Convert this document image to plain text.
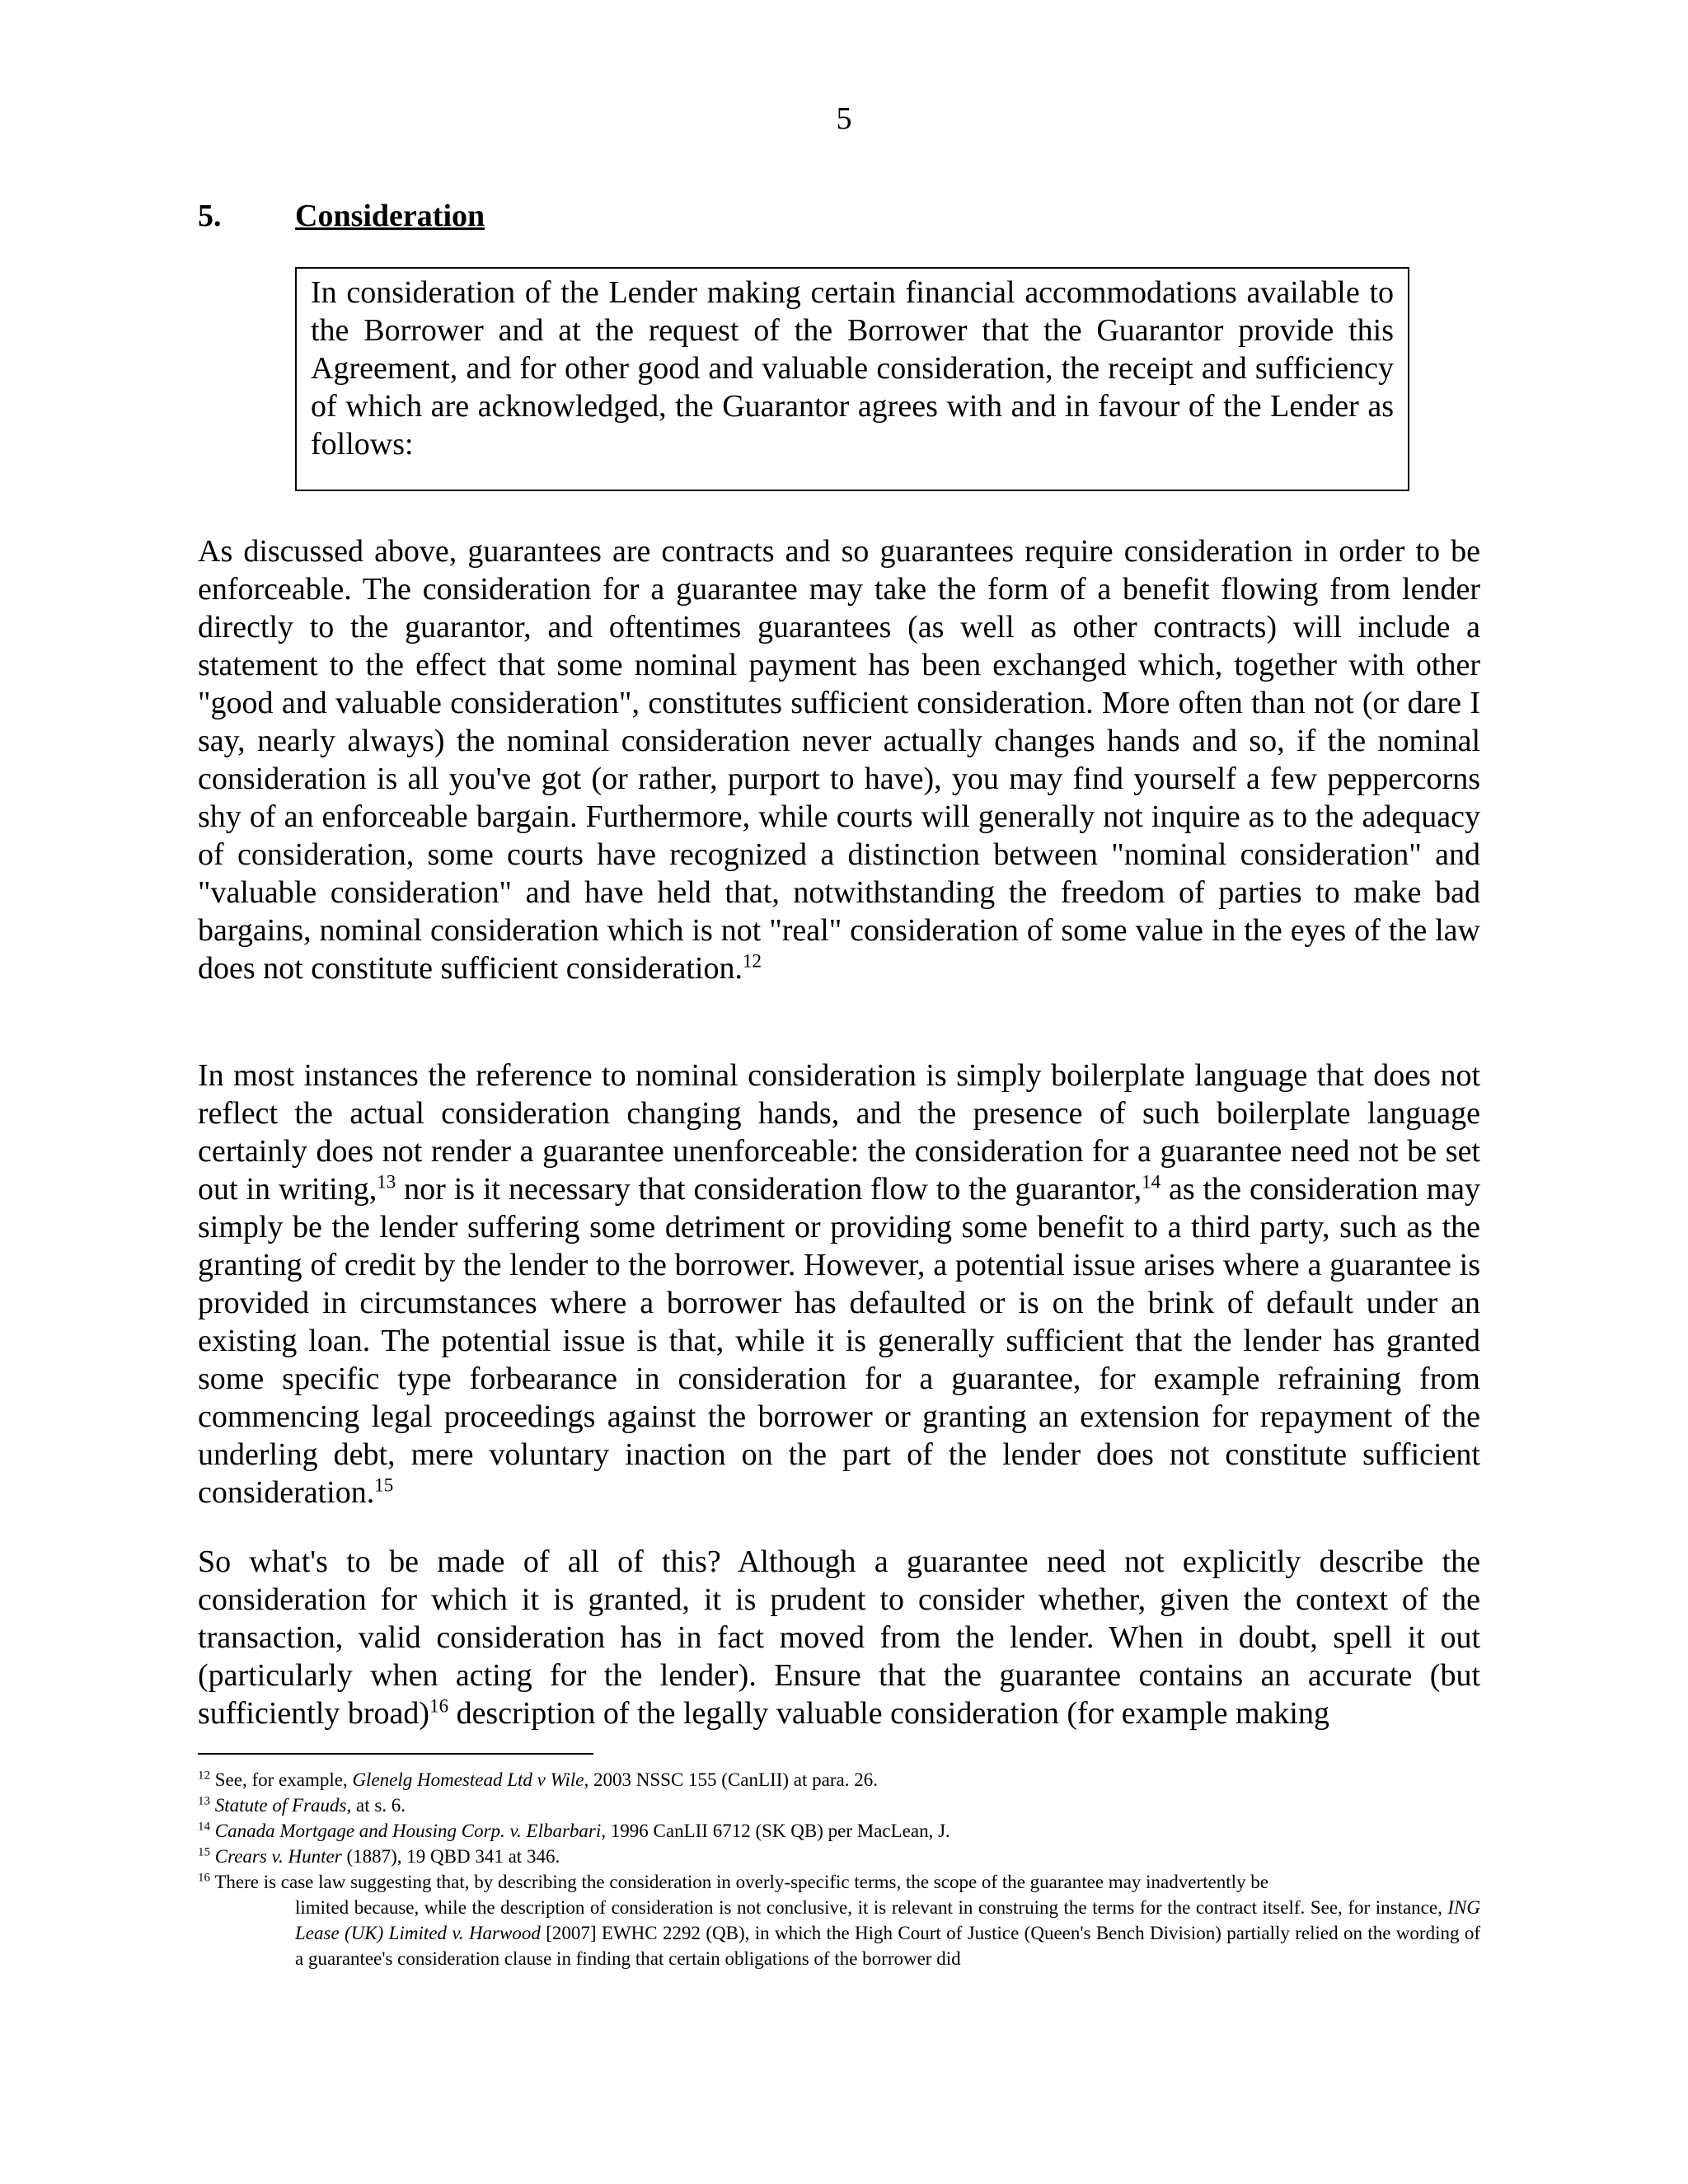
5
5. Consideration
In consideration of the Lender making certain financial accommodations available to the Borrower and at the request of the Borrower that the Guarantor provide this Agreement, and for other good and valuable consideration, the receipt and sufficiency of which are acknowledged, the Guarantor agrees with and in favour of the Lender as follows:
As discussed above, guarantees are contracts and so guarantees require consideration in order to be enforceable. The consideration for a guarantee may take the form of a benefit flowing from lender directly to the guarantor, and oftentimes guarantees (as well as other contracts) will include a statement to the effect that some nominal payment has been exchanged which, together with other "good and valuable consideration", constitutes sufficient consideration. More often than not (or dare I say, nearly always) the nominal consideration never actually changes hands and so, if the nominal consideration is all you've got (or rather, purport to have), you may find yourself a few peppercorns shy of an enforceable bargain. Furthermore, while courts will generally not inquire as to the adequacy of consideration, some courts have recognized a distinction between "nominal consideration" and "valuable consideration" and have held that, notwithstanding the freedom of parties to make bad bargains, nominal consideration which is not "real" consideration of some value in the eyes of the law does not constitute sufficient consideration.$^{12}$
In most instances the reference to nominal consideration is simply boilerplate language that does not reflect the actual consideration changing hands, and the presence of such boilerplate language certainly does not render a guarantee unenforceable: the consideration for a guarantee need not be set out in writing,$^{13}$ nor is it necessary that consideration flow to the guarantor,$^{14}$ as the consideration may simply be the lender suffering some detriment or providing some benefit to a third party, such as the granting of credit by the lender to the borrower. However, a potential issue arises where a guarantee is provided in circumstances where a borrower has defaulted or is on the brink of default under an existing loan. The potential issue is that, while it is generally sufficient that the lender has granted some specific type forbearance in consideration for a guarantee, for example refraining from commencing legal proceedings against the borrower or granting an extension for repayment of the underling debt, mere voluntary inaction on the part of the lender does not constitute sufficient consideration.$^{15}$
So what's to be made of all of this? Although a guarantee need not explicitly describe the consideration for which it is granted, it is prudent to consider whether, given the context of the transaction, valid consideration has in fact moved from the lender. When in doubt, spell it out (particularly when acting for the lender). Ensure that the guarantee contains an accurate (but sufficiently broad)$^{16}$ description of the legally valuable consideration (for example making

$^{12}$ See, for example, Glenelg Homestead Ltd v Wile, 2003 NSSC 155 (CanLII) at para. 26.

$^{13}$ Statute of Frauds, at s. 6.

$^{14}$ Canada Mortgage and Housing Corp. v. Elbarbari, 1996 CanLII 6712 (SK QB) per MacLean, J.

$^{15}$ Crears v. Hunter (1887), 19 QBD 341 at 346.

$^{16}$ There is case law suggesting that, by describing the consideration in overly-specific terms, the scope of the guarantee may inadvertently be
limited because, while the description of consideration is not conclusive, it is relevant in construing the terms for the contract itself. See, for instance, ING Lease (UK) Limited v. Harwood [2007] EWHC 2292 (QB), in which the High Court of Justice (Queen's Bench Division) partially relied on the wording of a guarantee's consideration clause in finding that certain obligations of the borrower did
